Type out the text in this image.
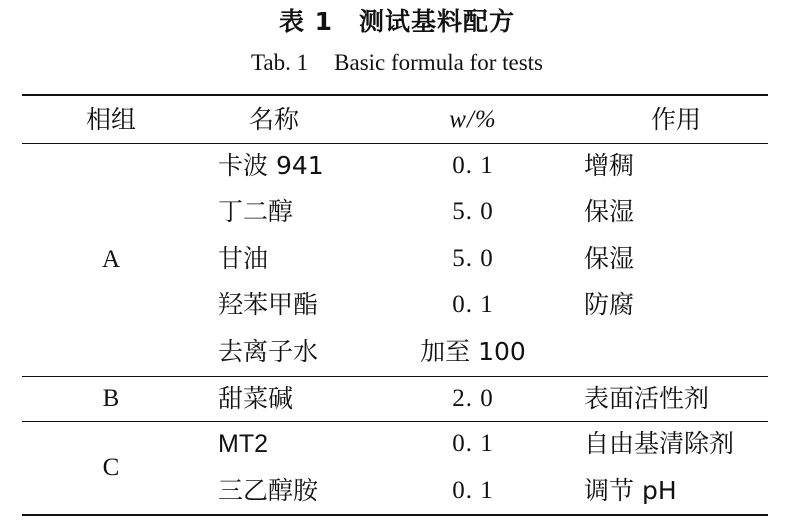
表 1 测试基料配方
Tab. 1 Basic formula for tests
相组	名称	w/%	作用
A
卡波 941	0. 1	增稠
丁二醇	5. 0	保湿
甘油	5. 0	保湿
羟苯甲酯	0. 1	防腐
去离子水	加至 100
B	甜菜碱	2. 0	表面活性剂
C
MT2	0. 1	自由基清除剂
三乙醇胺	0. 1	调节 pH
